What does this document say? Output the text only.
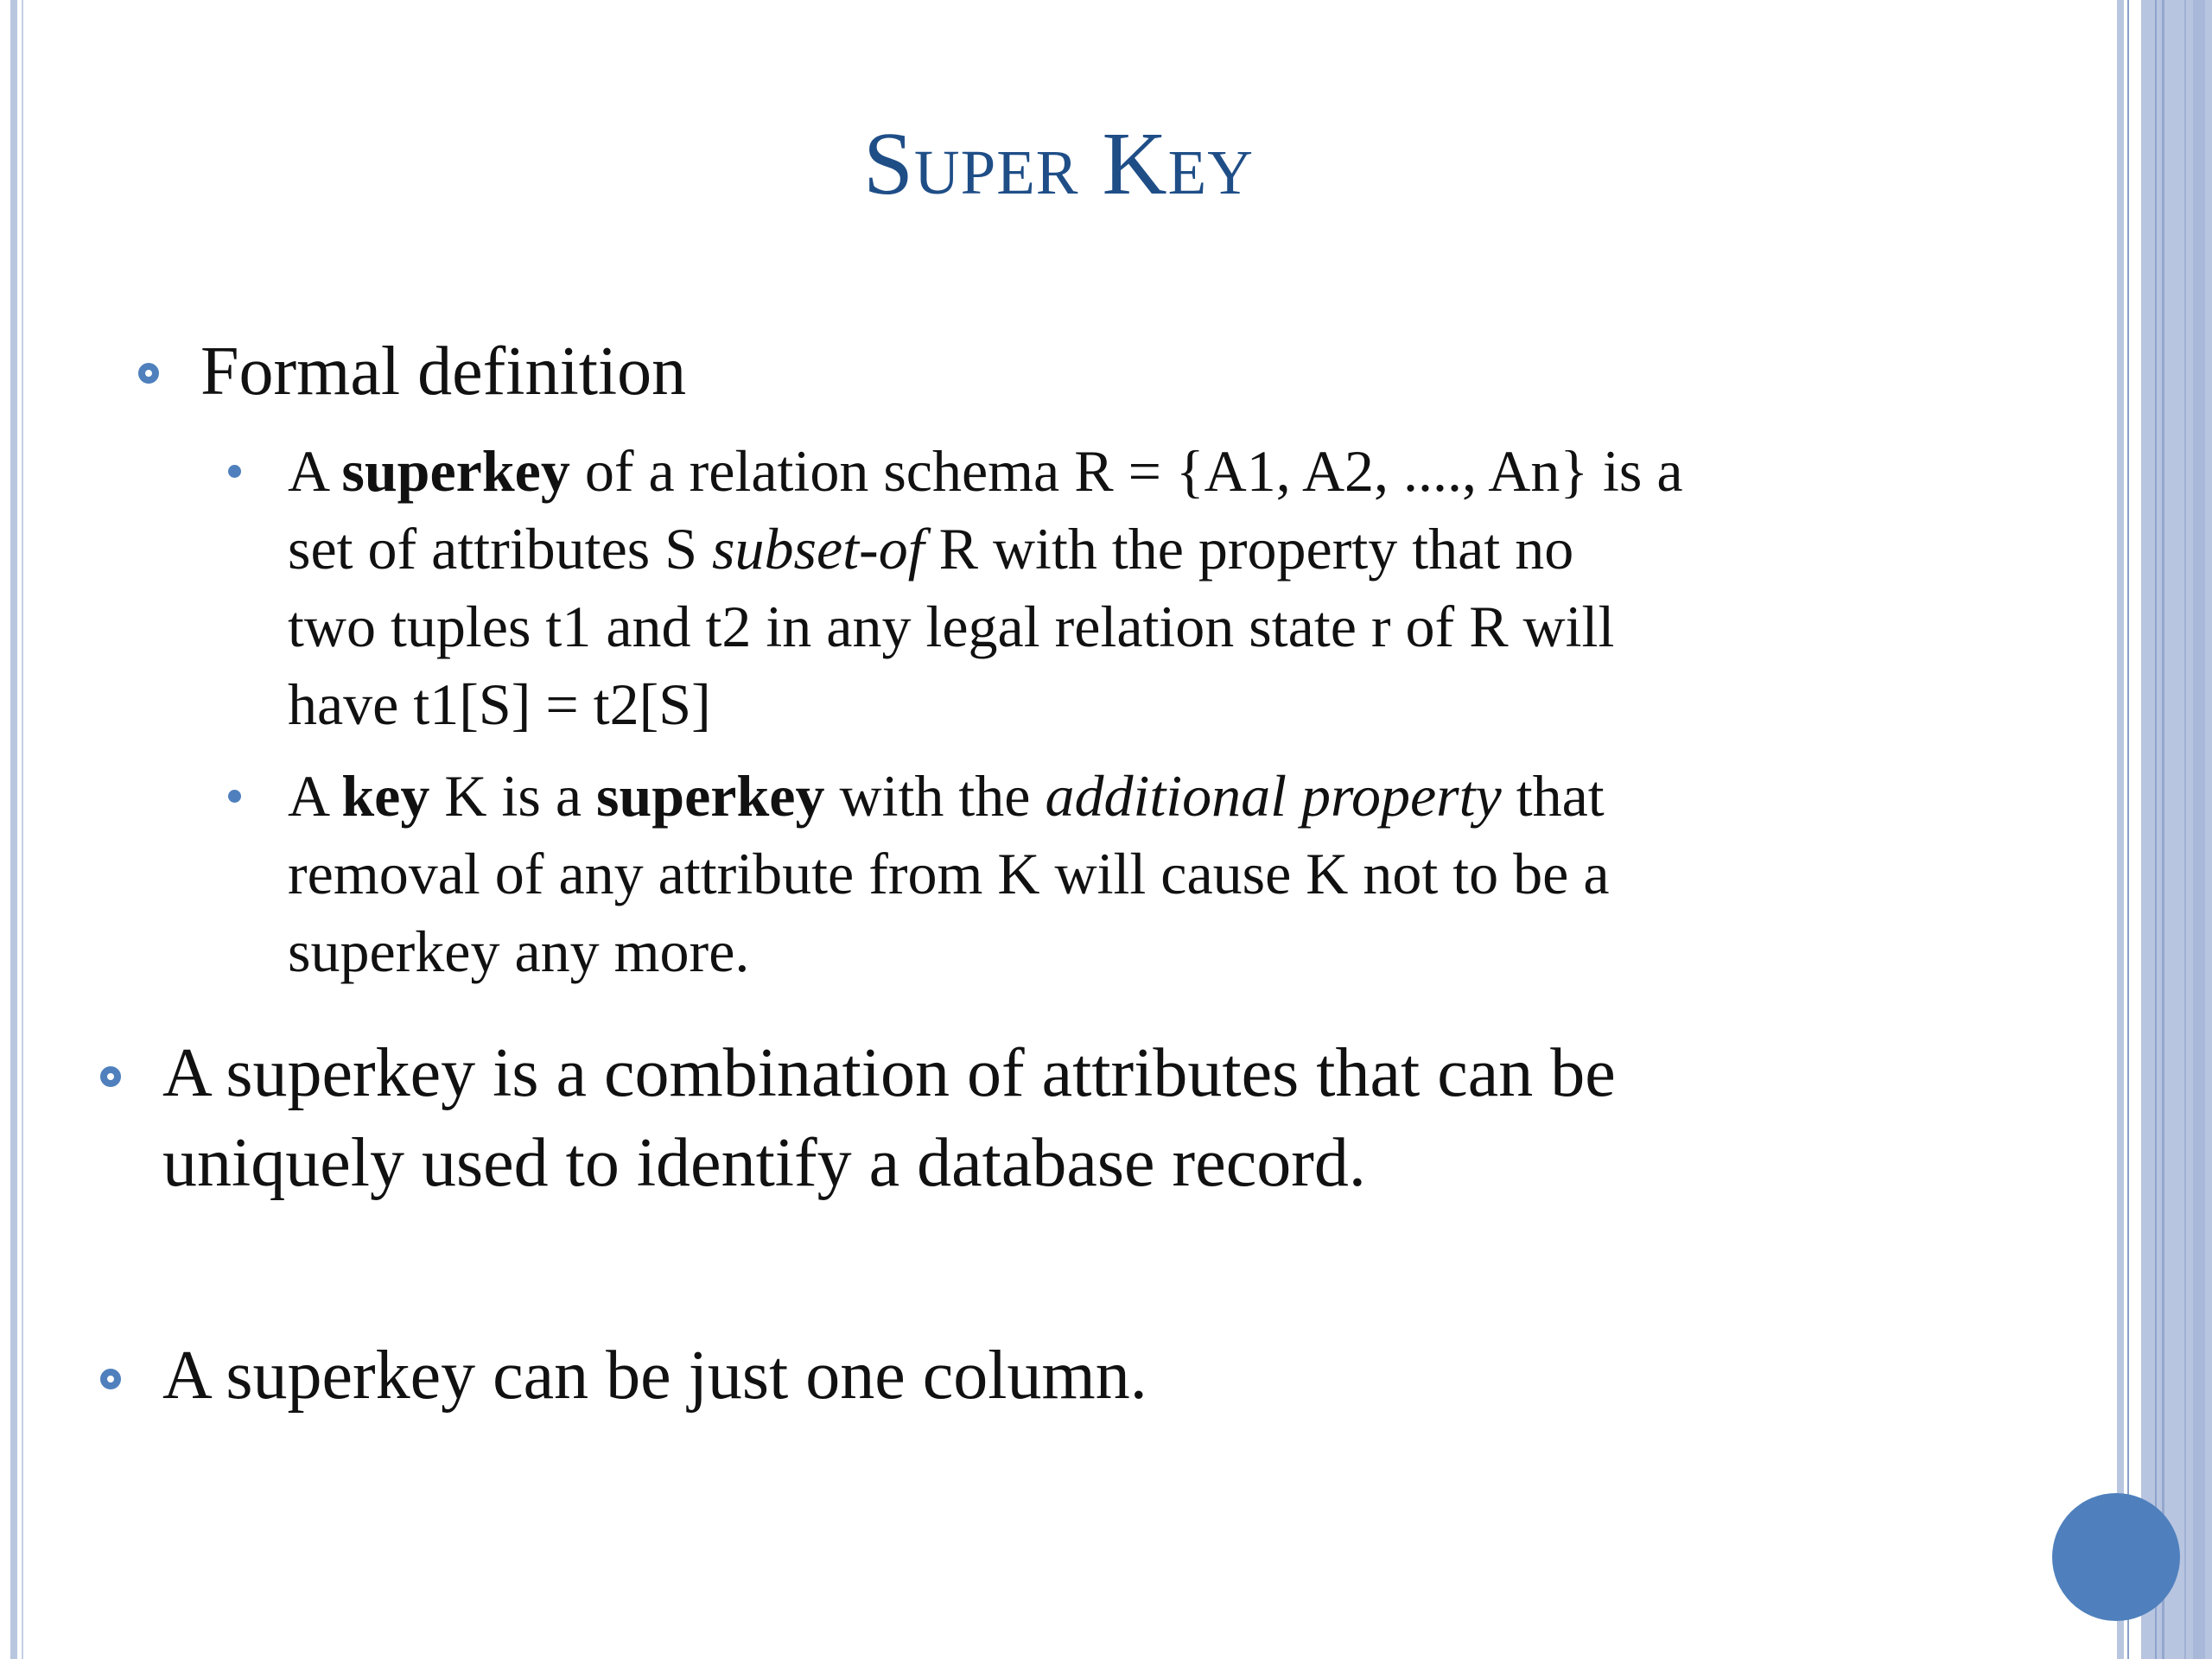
Super Key
Formal definition
A superkey of a relation schema R = {A1, A2, ...., An} is a
set of attributes S subset-of R with the property that no
two tuples t1 and t2 in any legal relation state r of R will
have t1[S] = t2[S]
A key K is a superkey with the additional property that
removal of any attribute from K will cause K not to be a
superkey any more.
A superkey is a combination of attributes that can be
uniquely used to identify a database record.
A superkey can be just one column.
